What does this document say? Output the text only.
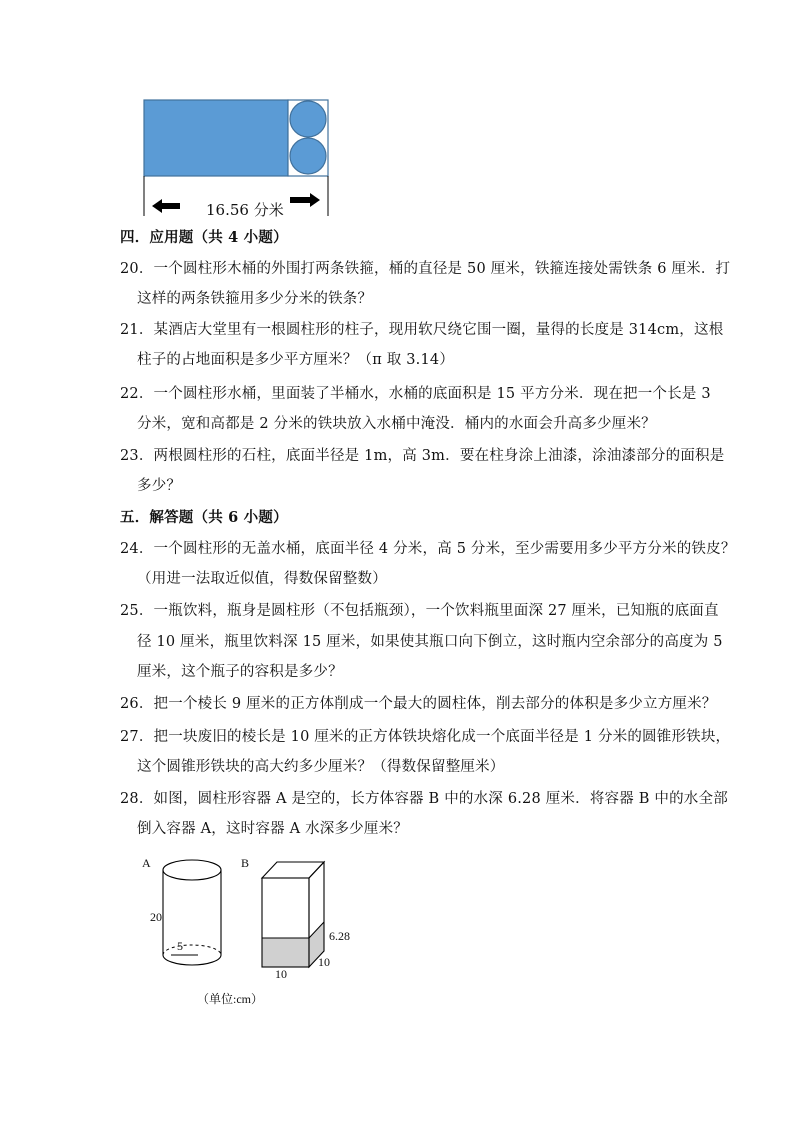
16.56 分米
四．应用题（共 4 小题）
20．一个圆柱形木桶的外围打两条铁箍，桶的直径是 50 厘米，铁箍连接处需铁条 6 厘米．打
这样的两条铁箍用多少分米的铁条？
21．某酒店大堂里有一根圆柱形的柱子，现用软尺绕它围一圈，量得的长度是 314cm，这根
柱子的占地面积是多少平方厘米？（π 取 3.14）
22．一个圆柱形水桶，里面装了半桶水，水桶的底面积是 15 平方分米．现在把一个长是 3
分米，宽和高都是 2 分米的铁块放入水桶中淹没．桶内的水面会升高多少厘米？
23．两根圆柱形的石柱，底面半径是 1m，高 3m．要在柱身涂上油漆，涂油漆部分的面积是
多少？
五．解答题（共 6 小题）
24．一个圆柱形的无盖水桶，底面半径 4 分米，高 5 分米，至少需要用多少平方分米的铁皮？
（用进一法取近似值，得数保留整数）
25．一瓶饮料，瓶身是圆柱形（不包括瓶颈），一个饮料瓶里面深 27 厘米，已知瓶的底面直
径 10 厘米，瓶里饮料深 15 厘米，如果使其瓶口向下倒立，这时瓶内空余部分的高度为 5
厘米，这个瓶子的容积是多少？
26．把一个棱长 9 厘米的正方体削成一个最大的圆柱体，削去部分的体积是多少立方厘米？
27．把一块废旧的棱长是 10 厘米的正方体铁块熔化成一个底面半径是 1 分米的圆锥形铁块，
这个圆锥形铁块的高大约多少厘米？（得数保留整厘米）
28．如图，圆柱形容器 A 是空的，长方体容器 B 中的水深 6.28 厘米．将容器 B 中的水全部
倒入容器 A，这时容器 A 水深多少厘米？
A	B
20
5
6.28
10
10
（单位:cm）
